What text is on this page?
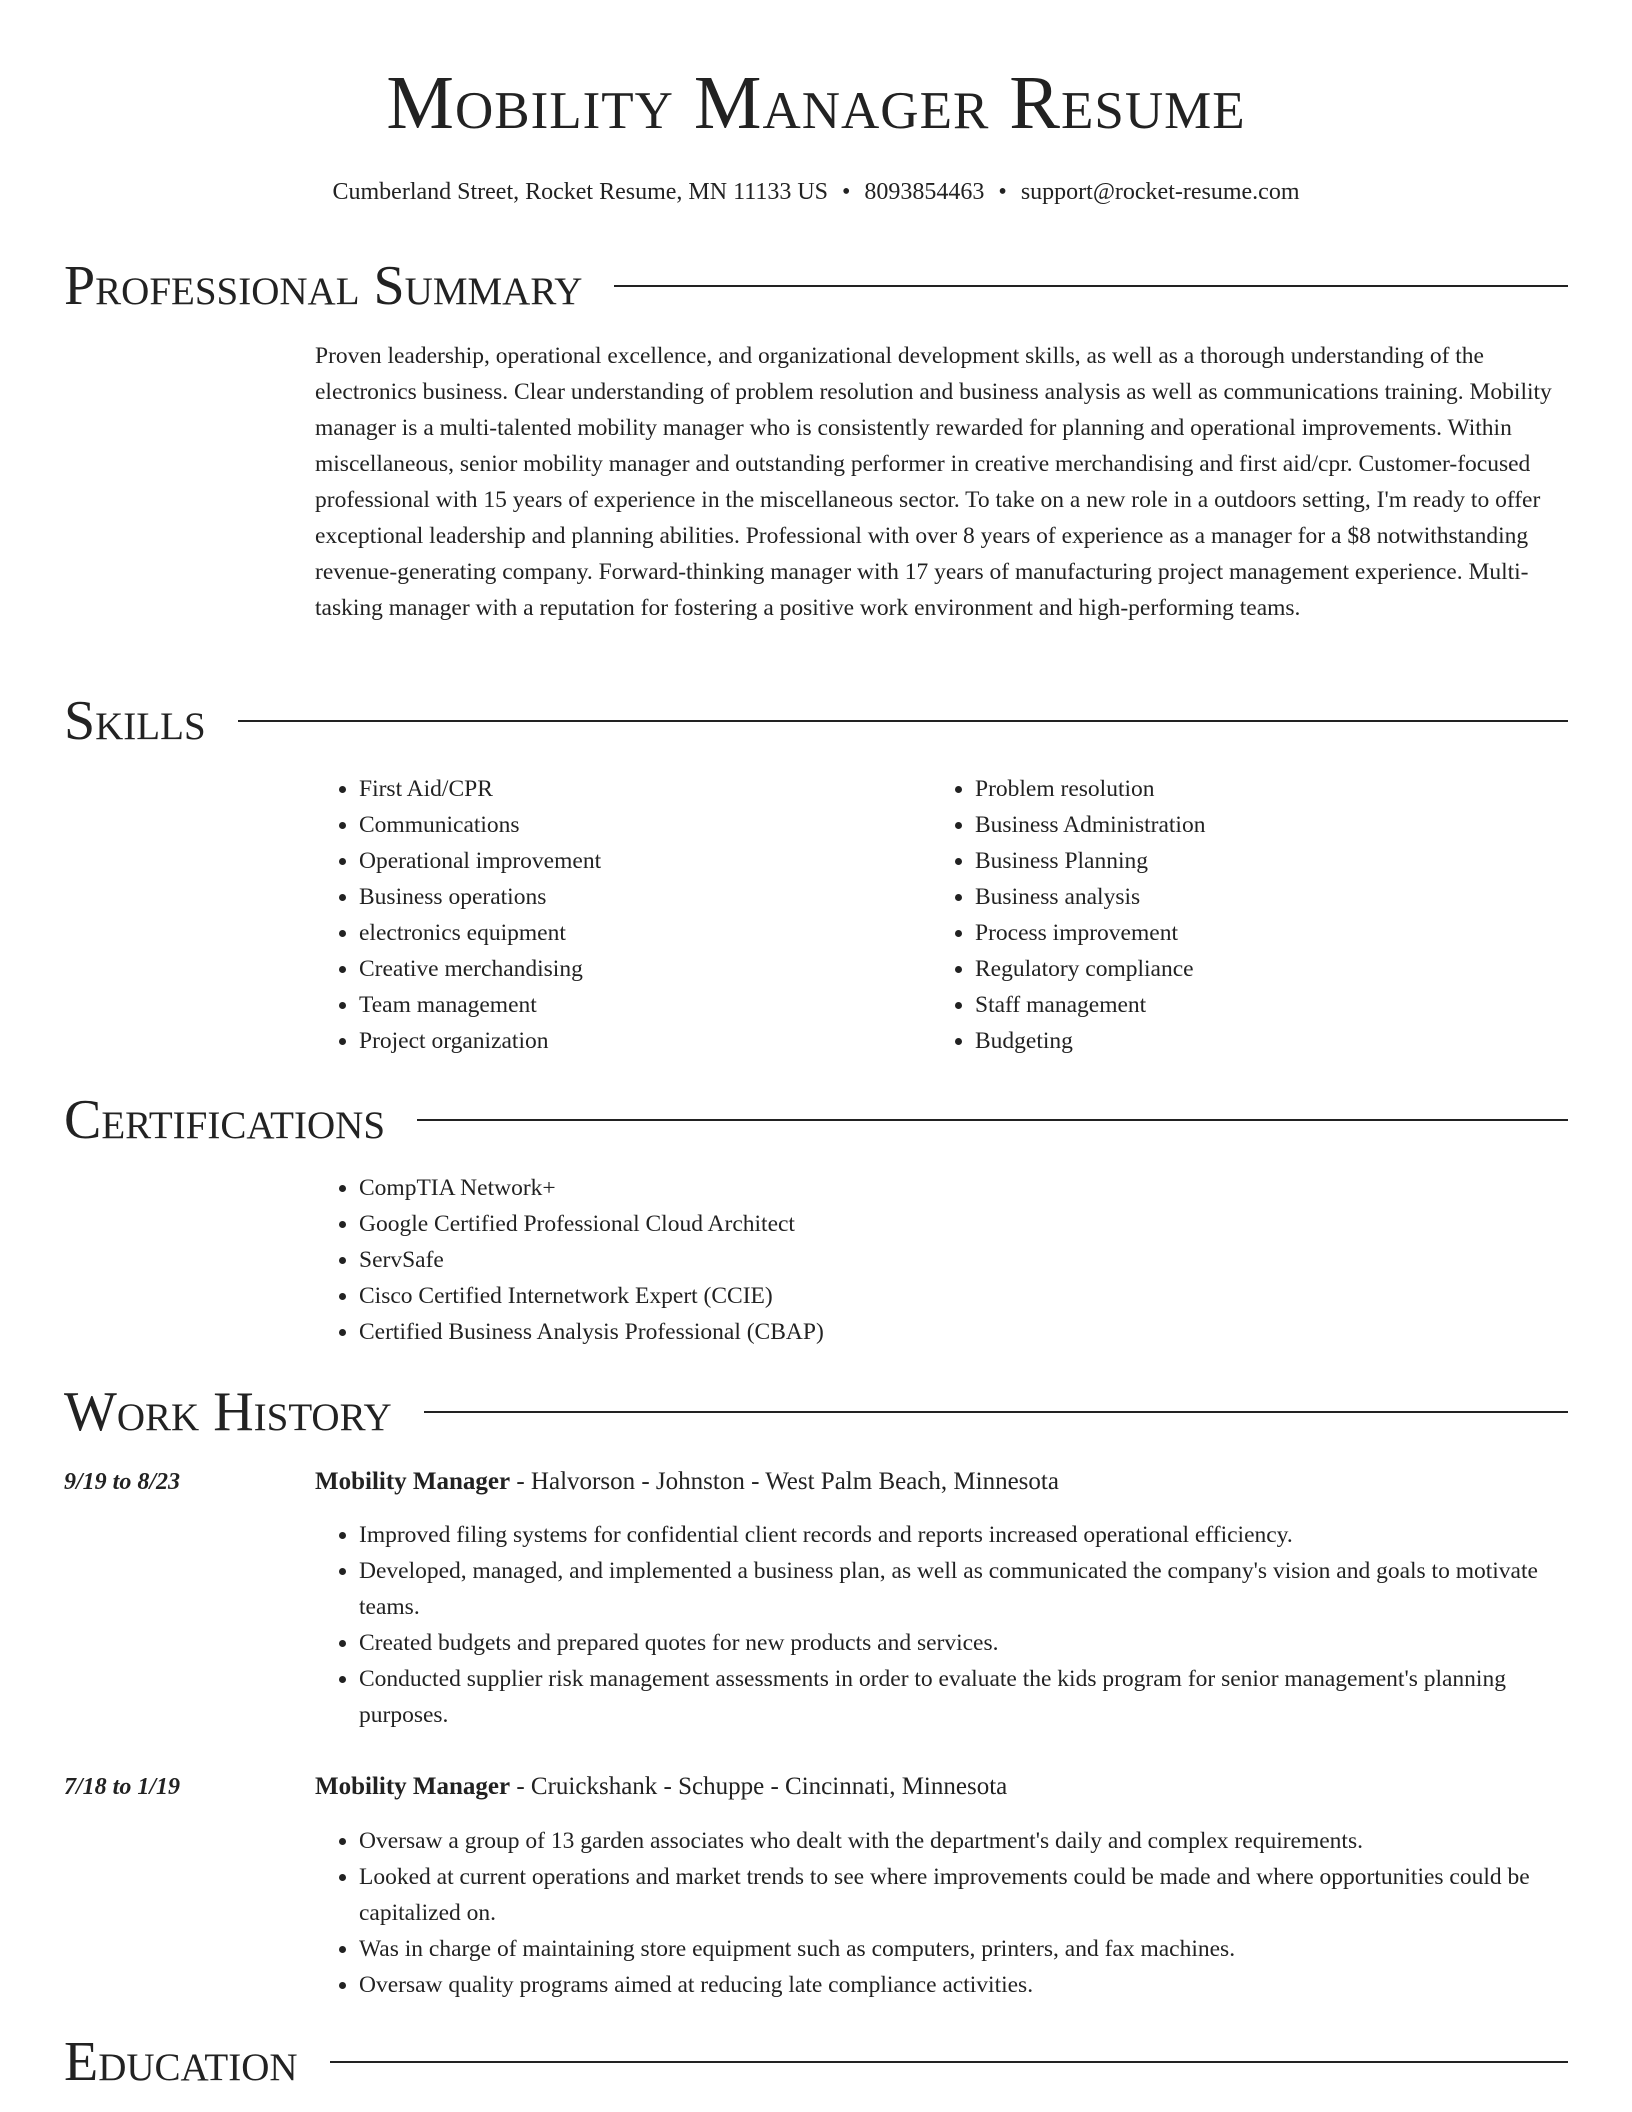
Mobility Manager Resume
Cumberland Street, Rocket Resume, MN 11133 US • 8093854463 • support@rocket-resume.com
Professional Summary

Proven leadership, operational excellence, and organizational development skills, as well as a thorough understanding of the electronics business. Clear understanding of problem resolution and business analysis as well as communications training. Mobility manager is a multi-talented mobility manager who is consistently rewarded for planning and operational improvements. Within miscellaneous, senior mobility manager and outstanding performer in creative merchandising and first aid/cpr. Customer-focused professional with 15 years of experience in the miscellaneous sector. To take on a new role in a outdoors setting, I'm ready to offer exceptional leadership and planning abilities. Professional with over 8 years of experience as a manager for a $8 notwithstanding revenue-generating company. Forward-thinking manager with 17 years of manufacturing project management experience. Multi-tasking manager with a reputation for fostering a positive work environment and high-performing teams.

Skills
• First Aid/CPR
• Communications
• Operational improvement
• Business operations
• electronics equipment
• Creative merchandising
• Team management
• Project organization
• Problem resolution
• Business Administration
• Business Planning
• Business analysis
• Process improvement
• Regulatory compliance
• Staff management
• Budgeting
Certifications
• CompTIA Network+
• Google Certified Professional Cloud Architect
• ServSafe
• Cisco Certified Internetwork Expert (CCIE)
• Certified Business Analysis Professional (CBAP)
Work History
9/19 to 8/23	Mobility Manager - Halvorson - Johnston - West Palm Beach, Minnesota
• Improved filing systems for confidential client records and reports increased operational efficiency.
• Developed, managed, and implemented a business plan, as well as communicated the company's vision and goals to motivate teams.
• Created budgets and prepared quotes for new products and services.
• Conducted supplier risk management assessments in order to evaluate the kids program for senior management's planning purposes.
7/18 to 1/19	Mobility Manager - Cruickshank - Schuppe - Cincinnati, Minnesota
• Oversaw a group of 13 garden associates who dealt with the department's daily and complex requirements.
• Looked at current operations and market trends to see where improvements could be made and where opportunities could be capitalized on.
• Was in charge of maintaining store equipment such as computers, printers, and fax machines.
• Oversaw quality programs aimed at reducing late compliance activities.
Education
